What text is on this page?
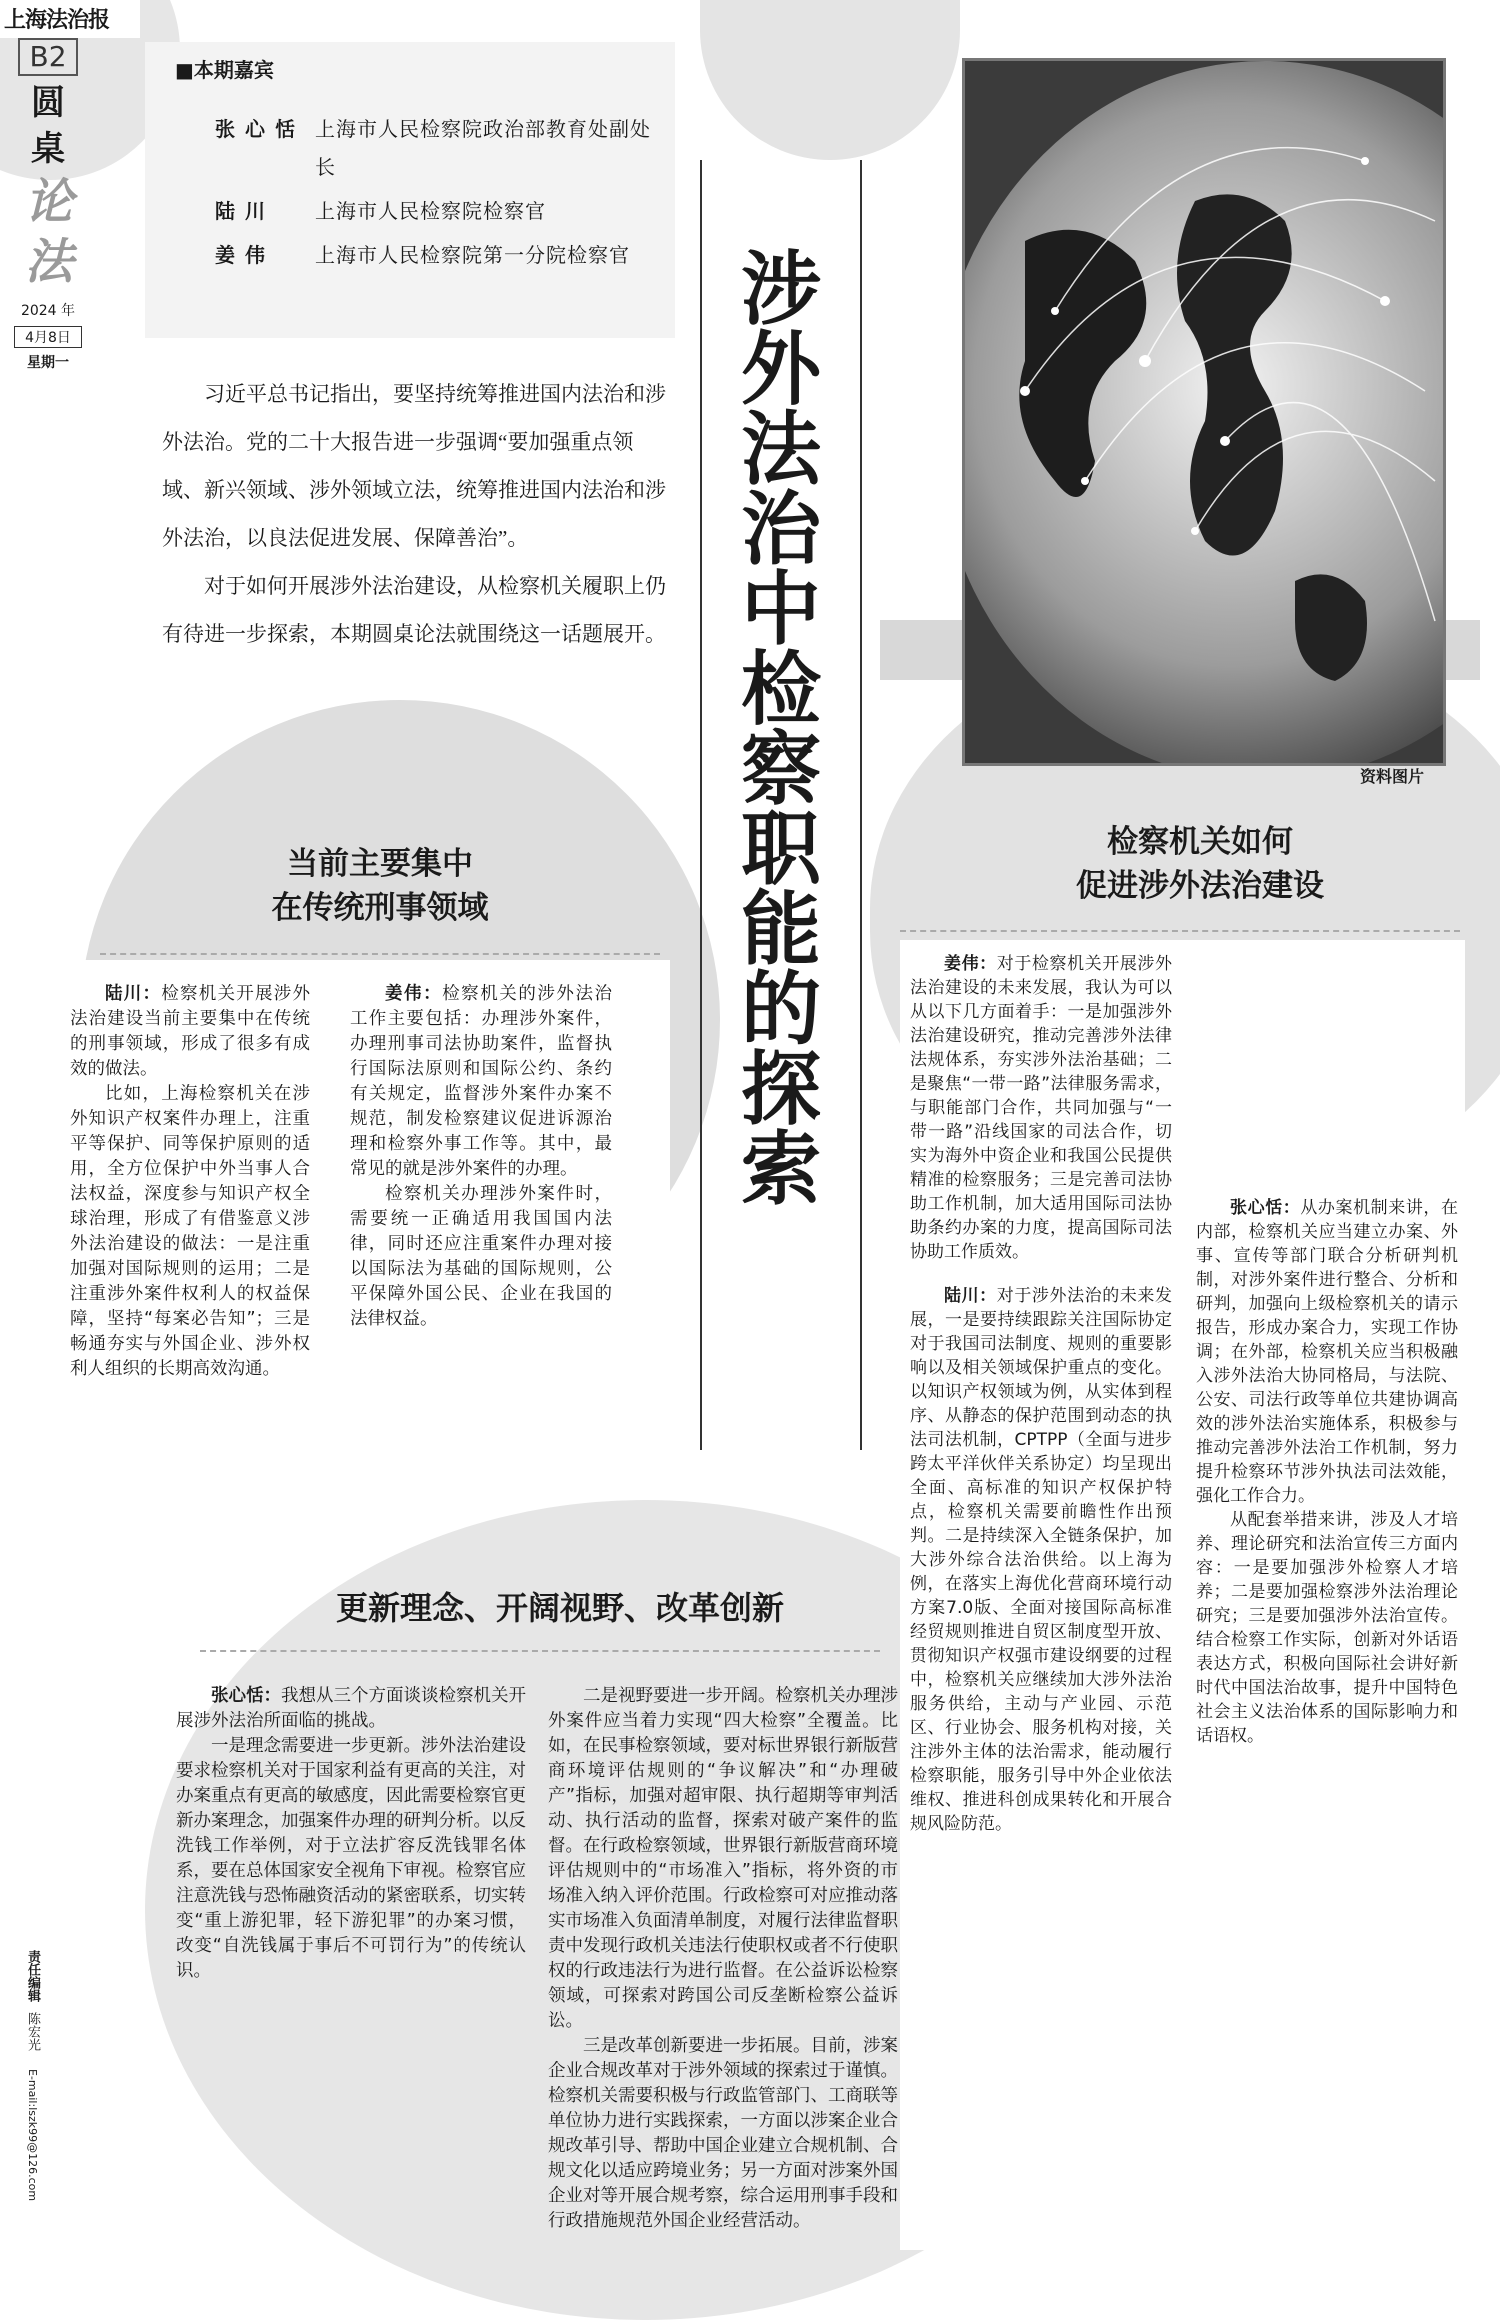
上海法治报
B2
圆
桌
论
法
2024 年
4月8日
星期一
责任编辑 陈宏光 E-mail:lszk99@126.com
■本期嘉宾
张心恬 上海市人民检察院政治部教育处副处长
陆川	上海市人民检察院检察官
姜伟	上海市人民检察院第一分院检察官

习近平总书记指出，要坚持统筹推进国内法治和涉外法治。党的二十大报告进一步强调“要加强重点领域、新兴领域、涉外领域立法，统筹推进国内法治和涉外法治，以良法促进发展、保障善治”。

对于如何开展涉外法治建设，从检察机关履职上仍有待进一步探索，本期圆桌论法就围绕这一话题展开。

涉外法治中检察职能的探索
资料图片
当前主要集中
在传统刑事领域

陆川：检察机关开展涉外法治建设当前主要集中在传统的刑事领域，形成了很多有成效的做法。

比如，上海检察机关在涉外知识产权案件办理上，注重平等保护、同等保护原则的适用，全方位保护中外当事人合法权益，深度参与知识产权全球治理，形成了有借鉴意义涉外法治建设的做法：一是注重加强对国际规则的运用；二是注重涉外案件权利人的权益保障，坚持“每案必告知”；三是畅通夯实与外国企业、涉外权利人组织的长期高效沟通。

姜伟：检察机关的涉外法治工作主要包括：办理涉外案件，办理刑事司法协助案件，监督执行国际法原则和国际公约、条约有关规定，监督涉外案件办案不规范，制发检察建议促进诉源治理和检察外事工作等。其中，最常见的就是涉外案件的办理。

检察机关办理涉外案件时，需要统一正确适用我国国内法律，同时还应注重案件办理对接以国际法为基础的国际规则，公平保障外国公民、企业在我国的法律权益。

更新理念、开阔视野、改革创新

张心恬：我想从三个方面谈谈检察机关开展涉外法治所面临的挑战。

一是理念需要进一步更新。涉外法治建设要求检察机关对于国家利益有更高的关注，对办案重点有更高的敏感度，因此需要检察官更新办案理念，加强案件办理的研判分析。以反洗钱工作举例，对于立法扩容反洗钱罪名体系，要在总体国家安全视角下审视。检察官应注意洗钱与恐怖融资活动的紧密联系，切实转变“重上游犯罪，轻下游犯罪”的办案习惯，改变“自洗钱属于事后不可罚行为”的传统认识。

二是视野要进一步开阔。检察机关办理涉外案件应当着力实现“四大检察”全覆盖。比如，在民事检察领域，要对标世界银行新版营商环境评估规则的“争议解决”和“办理破产”指标，加强对超审限、执行超期等审判活动、执行活动的监督，探索对破产案件的监督。在行政检察领域，世界银行新版营商环境评估规则中的“市场准入”指标，将外资的市场准入纳入评价范围。行政检察可对应推动落实市场准入负面清单制度，对履行法律监督职责中发现行政机关违法行使职权或者不行使职权的行政违法行为进行监督。在公益诉讼检察领域，可探索对跨国公司反垄断检察公益诉讼。

三是改革创新要进一步拓展。目前，涉案企业合规改革对于涉外领域的探索过于谨慎。检察机关需要积极与行政监管部门、工商联等单位协力进行实践探索，一方面以涉案企业合规改革引导、帮助中国企业建立合规机制、合规文化以适应跨境业务；另一方面对涉案外国企业对等开展合规考察，综合运用刑事手段和行政措施规范外国企业经营活动。

检察机关如何
促进涉外法治建设

姜伟：对于检察机关开展涉外法治建设的未来发展，我认为可以从以下几方面着手：一是加强涉外法治建设研究，推动完善涉外法律法规体系，夯实涉外法治基础；二是聚焦“一带一路”法律服务需求，与职能部门合作，共同加强与“一带一路”沿线国家的司法合作，切实为海外中资企业和我国公民提供精准的检察服务；三是完善司法协助工作机制，加大适用国际司法协助条约办案的力度，提高国际司法协助工作质效。

陆川：对于涉外法治的未来发展，一是要持续跟踪关注国际协定对于我国司法制度、规则的重要影响以及相关领域保护重点的变化。以知识产权领域为例，从实体到程序、从静态的保护范围到动态的执法司法机制，CPTPP（全面与进步跨太平洋伙伴关系协定）均呈现出全面、高标准的知识产权保护特点，检察机关需要前瞻性作出预判。二是持续深入全链条保护，加大涉外综合法治供给。以上海为例，在落实上海优化营商环境行动方案7.0版、全面对接国际高标准经贸规则推进自贸区制度型开放、贯彻知识产权强市建设纲要的过程中，检察机关应继续加大涉外法治服务供给，主动与产业园、示范区、行业协会、服务机构对接，关注涉外主体的法治需求，能动履行检察职能，服务引导中外企业依法维权、推进科创成果转化和开展合规风险防范。

张心恬：从办案机制来讲，在内部，检察机关应当建立办案、外事、宣传等部门联合分析研判机制，对涉外案件进行整合、分析和研判，加强向上级检察机关的请示报告，形成办案合力，实现工作协调；在外部，检察机关应当积极融入涉外法治大协同格局，与法院、公安、司法行政等单位共建协调高效的涉外法治实施体系，积极参与推动完善涉外法治工作机制，努力提升检察环节涉外执法司法效能，强化工作合力。

从配套举措来讲，涉及人才培养、理论研究和法治宣传三方面内容：一是要加强涉外检察人才培养；二是要加强检察涉外法治理论研究；三是要加强涉外法治宣传。结合检察工作实际，创新对外话语表达方式，积极向国际社会讲好新时代中国法治故事，提升中国特色社会主义法治体系的国际影响力和话语权。
